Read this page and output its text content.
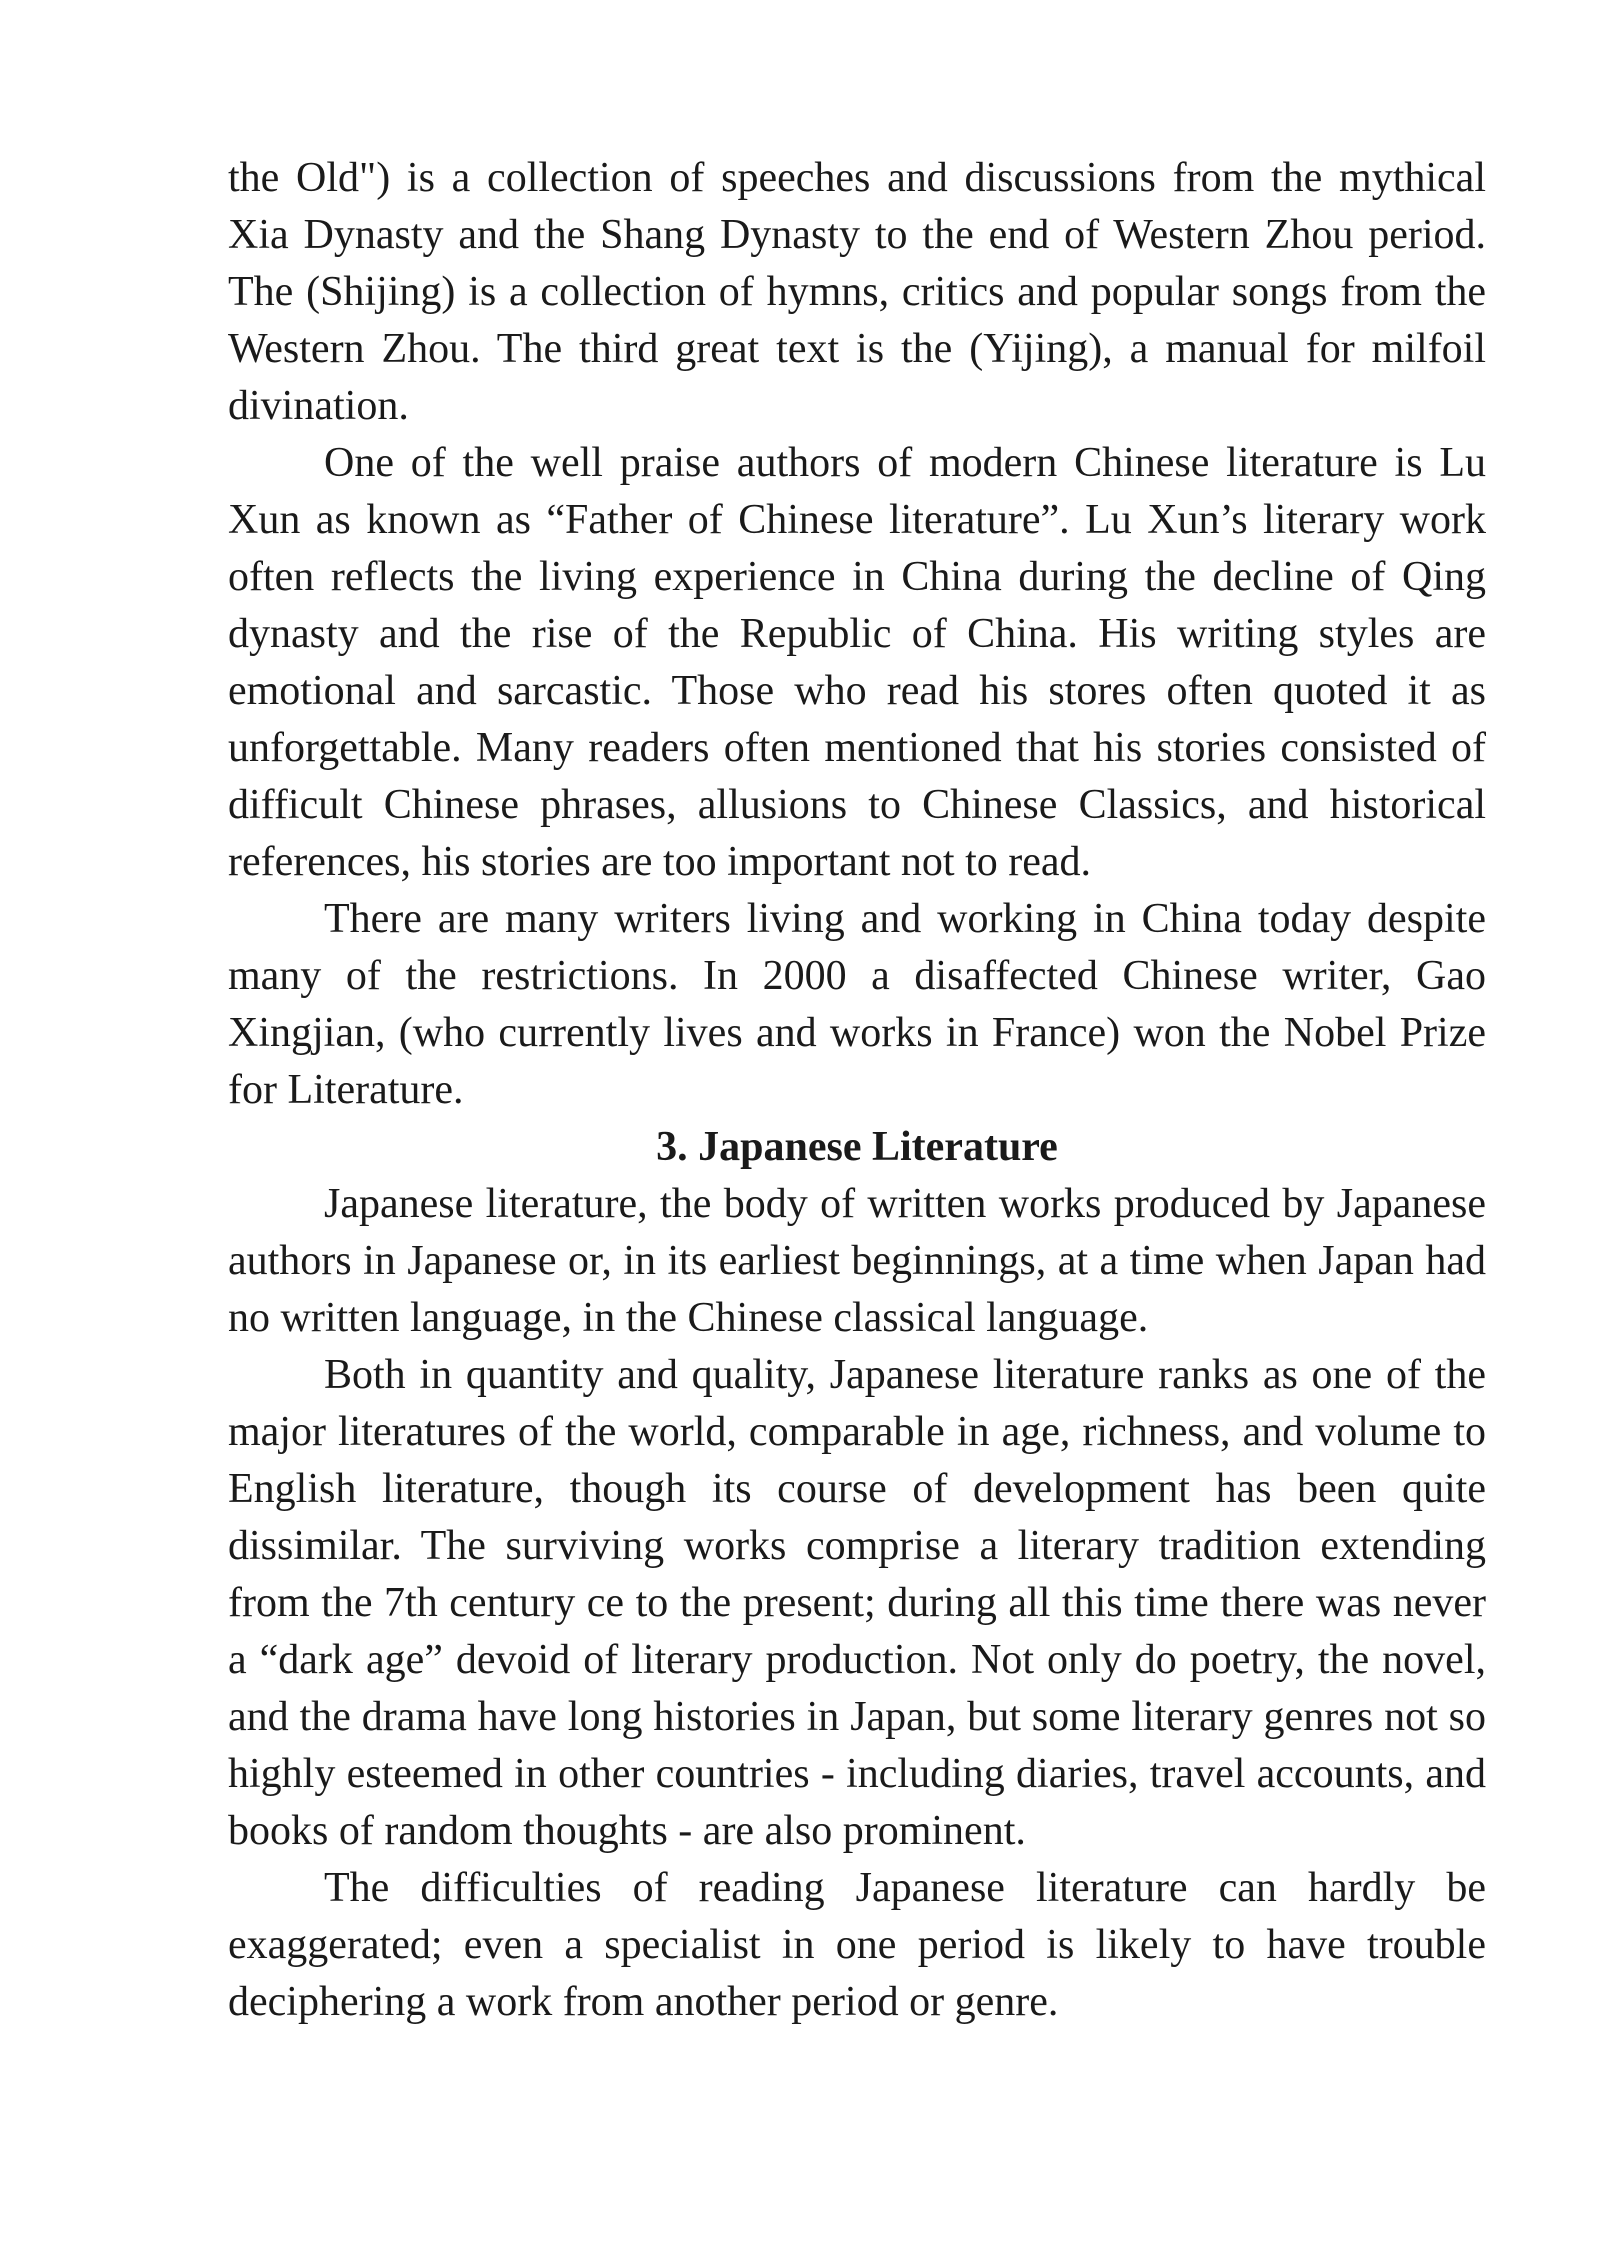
the Old") is a collection of speeches and discussions from the mythical Xia Dynasty and the Shang Dynasty to the end of Western Zhou period. The (Shijing) is a collection of hymns, critics and popular songs from the Western Zhou. The third great text is the (Yijing), a manual for milfoil divination.

One of the well praise authors of modern Chinese literature is Lu Xun as known as “Father of Chinese literature”. Lu Xun’s literary work often reflects the living experience in China during the decline of Qing dynasty and the rise of the Republic of China. His writing styles are emotional and sarcastic. Those who read his stores often quoted it as unforgettable. Many readers often mentioned that his stories consisted of difficult Chinese phrases, allusions to Chinese Classics, and historical references, his stories are too important not to read.

There are many writers living and working in China today despite many of the restrictions. In 2000 a disaffected Chinese writer, Gao Xingjian, (who currently lives and works in France) won the Nobel Prize for Literature.

3. Japanese Literature

Japanese literature, the body of written works produced by Japanese authors in Japanese or, in its earliest beginnings, at a time when Japan had no written language, in the Chinese classical language.

Both in quantity and quality, Japanese literature ranks as one of the major literatures of the world, comparable in age, richness, and volume to English literature, though its course of development has been quite dissimilar. The surviving works comprise a literary tradition extending from the 7th century ce to the present; during all this time there was never a “dark age” devoid of literary production. Not only do poetry, the novel, and the drama have long histories in Japan, but some literary genres not so highly esteemed in other countries - including diaries, travel accounts, and books of random thoughts - are also prominent.

The difficulties of reading Japanese literature can hardly be exaggerated; even a specialist in one period is likely to have trouble deciphering a work from another period or genre.
